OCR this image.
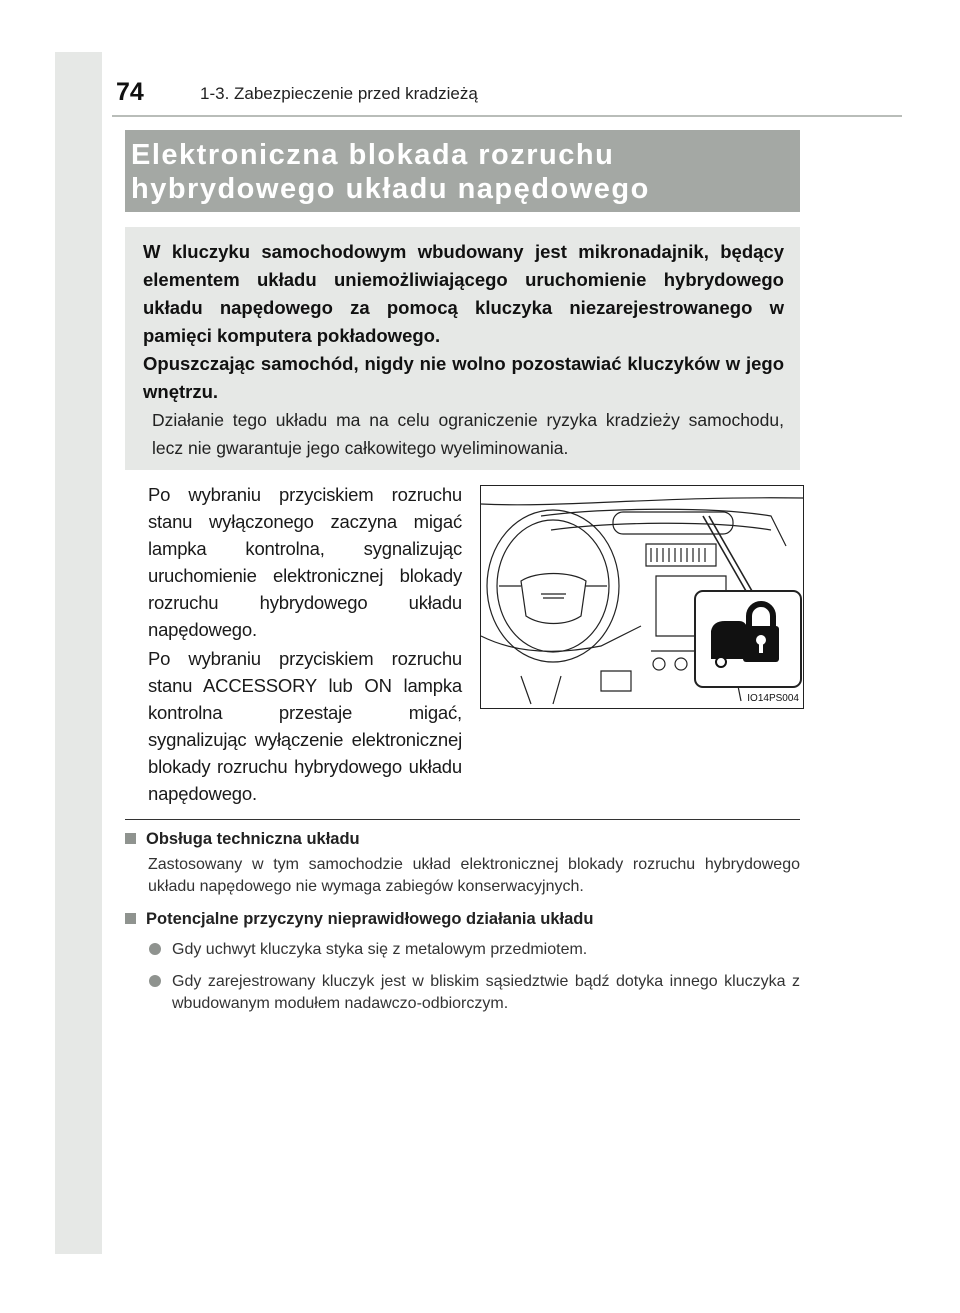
74	1-3. Zabezpieczenie przed kradzieżą
Elektroniczna blokada rozruchu
hybrydowego układu napędowego
W kluczyku samochodowym wbudowany jest mikronadajnik, będący elementem układu uniemożliwiającego uruchomienie hybrydowego układu napędowego za pomocą kluczyka niezarejestrowanego w pamięci komputera pokładowego.
Opuszczając samochód, nigdy nie wolno pozostawiać kluczyków w jego wnętrzu.
Działanie tego układu ma na celu ograniczenie ryzyka kradzieży samochodu, lecz nie gwarantuje jego całkowitego wyeliminowania.
Po wybraniu przyciskiem rozruchu stanu wyłączonego zaczyna migać lampka kontrolna, sygnalizując uruchomienie elektronicznej blokady rozruchu hybrydowego układu napędowego.
Po wybraniu przyciskiem rozruchu stanu ACCESSORY lub ON lampka kontrolna przestaje migać, sygnalizując wyłączenie elektronicznej blokady rozruchu hybrydowego układu napędowego.
IO14PS004
Obsługa techniczna układu
Zastosowany w tym samochodzie układ elektronicznej blokady rozruchu hybrydowego układu napędowego nie wymaga zabiegów konserwacyjnych.
Potencjalne przyczyny nieprawidłowego działania układu
Gdy uchwyt kluczyka styka się z metalowym przedmiotem.
Gdy zarejestrowany kluczyk jest w bliskim sąsiedztwie bądź dotyka innego kluczyka z wbudowanym modułem nadawczo-odbiorczym.
